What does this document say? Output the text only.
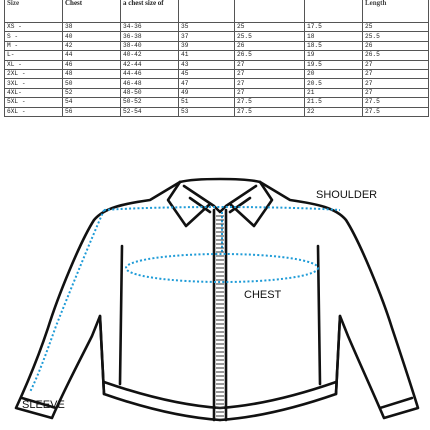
Size	Chest	a chest size of				Length
XS -	38	34-36	35	25	17.5	25
S -	40	36-38	37	25.5	18	25.5
M -	42	38-40	39	26	18.5	26
L-	44	40-42	41	26.5	19	26.5
XL -	46	42-44	43	27	19.5	27
2XL -	48	44-46	45	27	20	27
3XL -	50	46-48	47	27	20.5	27
4XL-	52	48-50	49	27	21	27
5XL -	54	50-52	51	27.5	21.5	27.5
6XL -	56	52-54	53	27.5	22	27.5
SHOULDER
CHEST
SLEEVE
